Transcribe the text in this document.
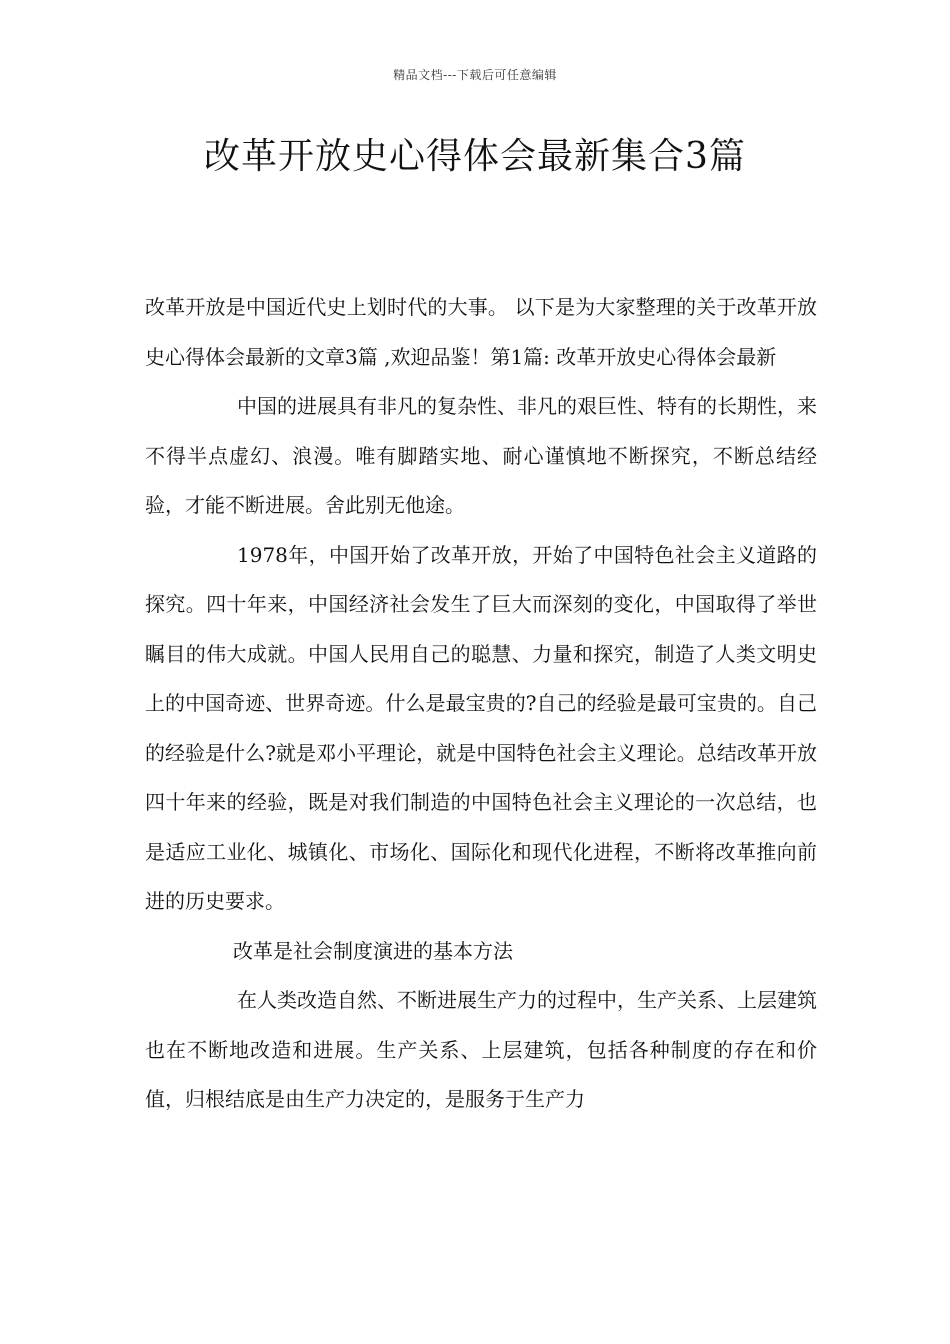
精品文档---下载后可任意编辑
改革开放史心得体会最新集合3篇

改革开放是中国近代史上划时代的大事。 以下是为大家整理的关于改革开放史心得体会最新的文章3篇 ,欢迎品鉴！第1篇: 改革开放史心得体会最新

中国的进展具有非凡的复杂性、非凡的艰巨性、特有的长期性，来不得半点虚幻、浪漫。唯有脚踏实地、耐心谨慎地不断探究，不断总结经验，才能不断进展。舍此别无他途。

1978年，中国开始了改革开放，开始了中国特色社会主义道路的探究。四十年来，中国经济社会发生了巨大而深刻的变化，中国取得了举世瞩目的伟大成就。中国人民用自己的聪慧、力量和探究，制造了人类文明史上的中国奇迹、世界奇迹。什么是最宝贵的?自己的经验是最可宝贵的。自己的经验是什么?就是邓小平理论，就是中国特色社会主义理论。总结改革开放四十年来的经验，既是对我们制造的中国特色社会主义理论的一次总结，也是适应工业化、城镇化、市场化、国际化和现代化进程，不断将改革推向前进的历史要求。

改革是社会制度演进的基本方法

在人类改造自然、不断进展生产力的过程中，生产关系、上层建筑也在不断地改造和进展。生产关系、上层建筑，包括各种制度的存在和价值，归根结底是由生产力决定的，是服务于生产力
